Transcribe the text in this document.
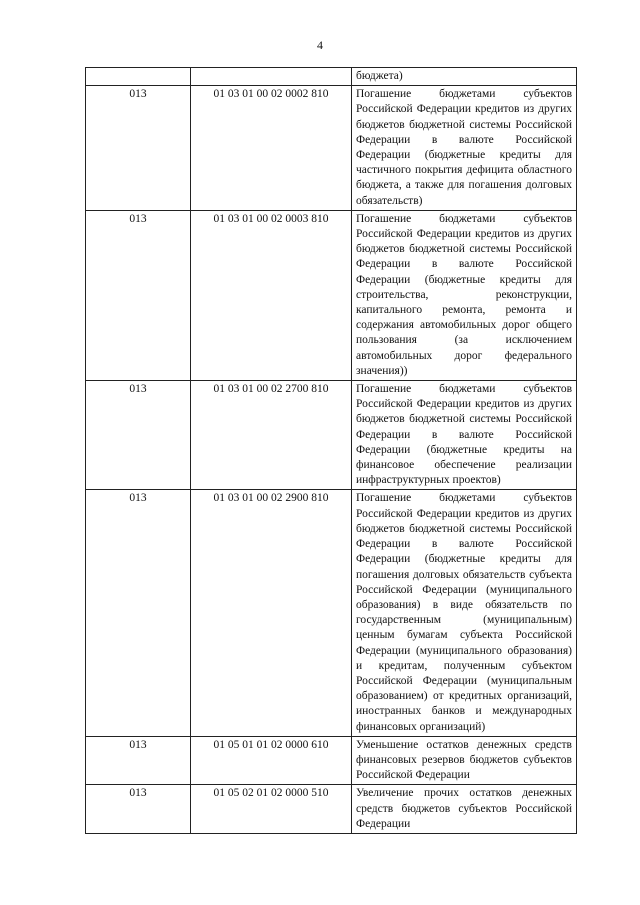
4
		бюджета)
013	01 03 01 00 02 0002 810	Погашение бюджетами субъектов Российской Федерации кредитов из других бюджетов бюджетной системы Российской Федерации в валюте Российской Федерации (бюджетные кредиты для частичного покрытия дефицита областного бюджета, а также для погашения долговых обязательств)
013	01 03 01 00 02 0003 810	Погашение бюджетами субъектов Российской Федерации кредитов из других бюджетов бюджетной системы Российской Федерации в валюте Российской Федерации (бюджетные кредиты для строительства, реконструкции, капитального ремонта, ремонта и содержания автомобильных дорог общего пользования (за исключением автомобильных дорог федерального значения))
013	01 03 01 00 02 2700 810	Погашение бюджетами субъектов Российской Федерации кредитов из других бюджетов бюджетной системы Российской Федерации в валюте Российской Федерации (бюджетные кредиты на финансовое обеспечение реализации инфраструктурных проектов)
013	01 03 01 00 02 2900 810	Погашение бюджетами субъектов Российской Федерации кредитов из других бюджетов бюджетной системы Российской Федерации в валюте Российской Федерации (бюджетные кредиты для погашения долговых обязательств субъекта Российской Федерации (муниципального образования) в виде обязательств по государственным (муниципальным) ценным бумагам субъекта Российской Федерации (муниципального образования) и кредитам, полученным субъектом Российской Федерации (муниципальным образованием) от кредитных организаций, иностранных банков и международных финансовых организаций)
013	01 05 01 01 02 0000 610	Уменьшение остатков денежных средств финансовых резервов бюджетов субъектов Российской Федерации
013	01 05 02 01 02 0000 510	Увеличение прочих остатков денежных средств бюджетов субъектов Российской Федерации
